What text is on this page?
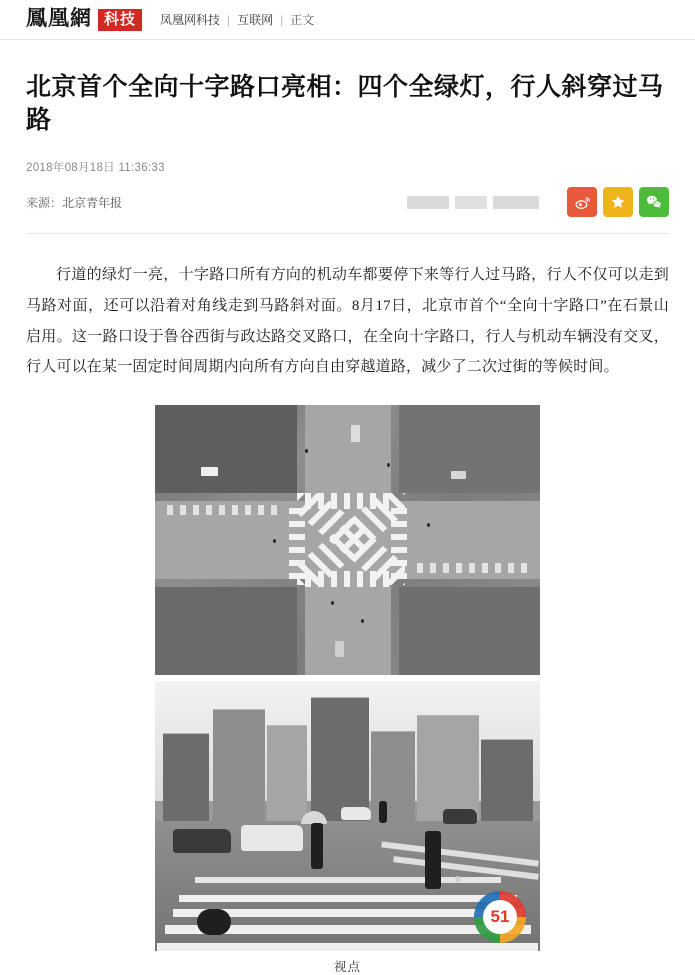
鳳凰網 科技	凤凰网科技 | 互联网 | 正文
北京首个全向十字路口亮相：四个全绿灯，行人斜穿过马路
2018年08月18日 11:36:33
来源：北京青年报

行道的绿灯一亮，十字路口所有方向的机动车都要停下来等行人过马路，行人不仅可以走到马路对面，还可以沿着对角线走到马路斜对面。8月17日，北京市首个“全向十字路口”在石景山启用。这一路口设于鲁谷西街与政达路交叉路口，在全向十字路口，行人与机动车辆没有交叉，行人可以在某一固定时间周期内向所有方向自由穿越道路，减少了二次过街的等候时间。

51
视点
